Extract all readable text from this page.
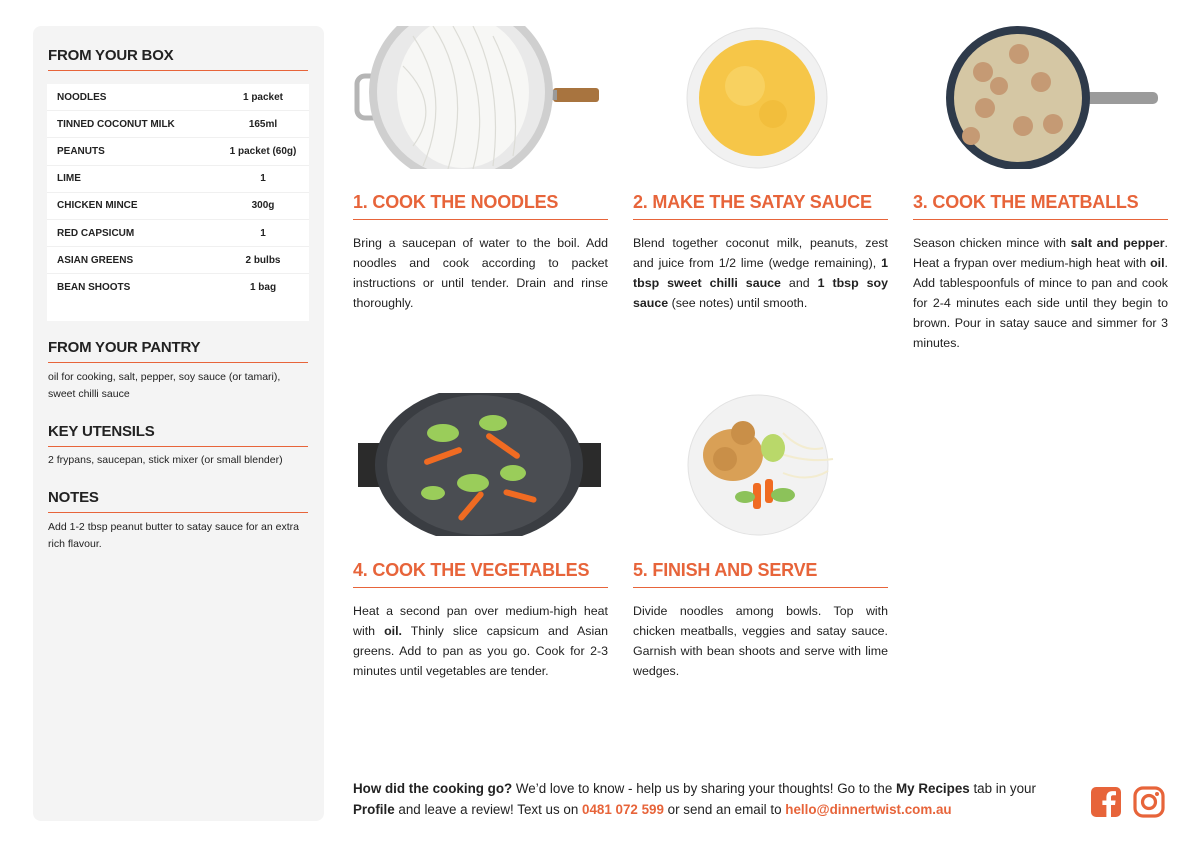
FROM YOUR BOX
NOODLES	1 packet
TINNED COCONUT MILK	165ml
PEANUTS	1 packet (60g)
LIME	1
CHICKEN MINCE	300g
RED CAPSICUM	1
ASIAN GREENS	2 bulbs
BEAN SHOOTS	1 bag
FROM YOUR PANTRY
oil for cooking, salt, pepper, soy sauce (or tamari), sweet chilli sauce
KEY UTENSILS
2 frypans, saucepan, stick mixer (or small blender)
NOTES
Add 1-2 tbsp peanut butter to satay sauce for an extra rich flavour.
1. COOK THE NOODLES
Bring a saucepan of water to the boil. Add noodles and cook according to packet instructions or until tender. Drain and rinse thoroughly.
2. MAKE THE SATAY SAUCE
Blend together coconut milk, peanuts, zest and juice from 1/2 lime (wedge remaining), 1 tbsp sweet chilli sauce and 1 tbsp soy sauce (see notes) until smooth.
3. COOK THE MEATBALLS
Season chicken mince with salt and pepper. Heat a frypan over medium-high heat with oil. Add tablespoonfuls of mince to pan and cook for 2-4 minutes each side until they begin to brown. Pour in satay sauce and simmer for 3 minutes.
4. COOK THE VEGETABLES
Heat a second pan over medium-high heat with oil. Thinly slice capsicum and Asian greens. Add to pan as you go. Cook for 2-3 minutes until vegetables are tender.
5. FINISH AND SERVE
Divide noodles among bowls. Top with chicken meatballs, veggies and satay sauce. Garnish with bean shoots and serve with lime wedges.
How did the cooking go? We’d love to know - help us by sharing your thoughts! Go to the My Recipes tab in your Profile and leave a review! Text us on 0481 072 599 or send an email to hello@dinnertwist.com.au
